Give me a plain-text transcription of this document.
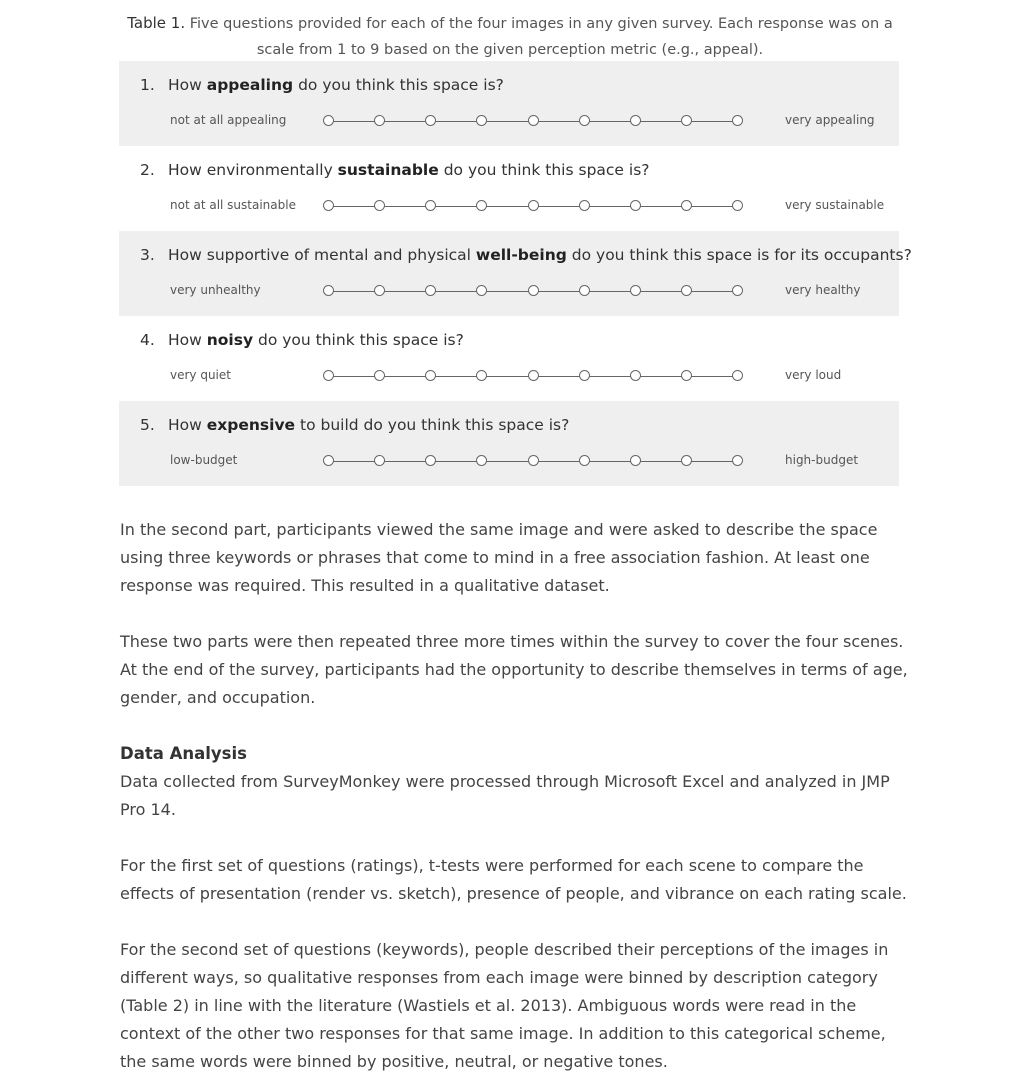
Table 1. Five questions provided for each of the four images in any given survey. Each response was on a
scale from 1 to 9 based on the given perception metric (e.g., appeal).
1. How appealing do you think this space is?
not at all appealing	very appealing
2. How environmentally sustainable do you think this space is?
not at all sustainable	very sustainable
3. How supportive of mental and physical well-being do you think this space is for its occupants?
very unhealthy	very healthy
4. How noisy do you think this space is?
very quiet	very loud
5. How expensive to build do you think this space is?
low-budget	high-budget

In the second part, participants viewed the same image and were asked to describe the space using three keywords or phrases that come to mind in a free association fashion. At least one response was required. This resulted in a qualitative dataset.

These two parts were then repeated three more times within the survey to cover the four scenes. At the end of the survey, participants had the opportunity to describe themselves in terms of age, gender, and occupation.

Data Analysis

Data collected from SurveyMonkey were processed through Microsoft Excel and analyzed in JMP Pro 14.

For the first set of questions (ratings), t-tests were performed for each scene to compare the effects of presentation (render vs. sketch), presence of people, and vibrance on each rating scale.

For the second set of questions (keywords), people described their perceptions of the images in different ways, so qualitative responses from each image were binned by description category (Table 2) in line with the literature (Wastiels et al. 2013). Ambiguous words were read in the context of the other two responses for that same image. In addition to this categorical scheme, the same words were binned by positive, neutral, or negative tones.
